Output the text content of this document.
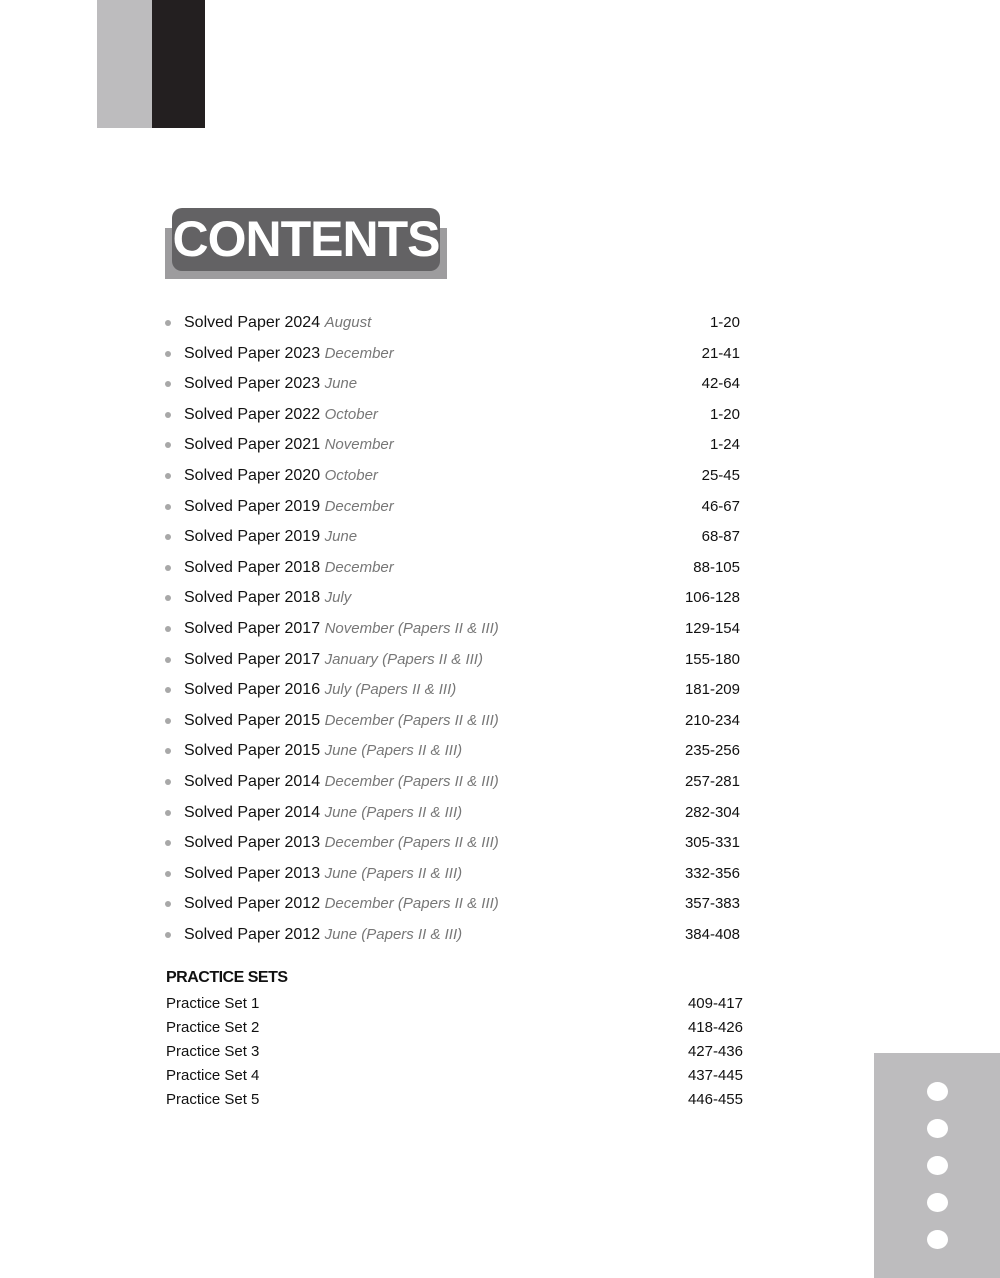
CONTENTS
Solved Paper 2024 August	1-20
Solved Paper 2023 December	21-41
Solved Paper 2023 June	42-64
Solved Paper 2022 October	1-20
Solved Paper 2021 November	1-24
Solved Paper 2020 October	25-45
Solved Paper 2019 December	46-67
Solved Paper 2019 June	68-87
Solved Paper 2018 December	88-105
Solved Paper 2018 July	106-128
Solved Paper 2017 November (Papers II & III)	129-154
Solved Paper 2017 January (Papers II & III)	155-180
Solved Paper 2016 July (Papers II & III)	181-209
Solved Paper 2015 December (Papers II & III)	210-234
Solved Paper 2015 June (Papers II & III)	235-256
Solved Paper 2014 December (Papers II & III)	257-281
Solved Paper 2014 June (Papers II & III)	282-304
Solved Paper 2013 December (Papers II & III)	305-331
Solved Paper 2013 June (Papers II & III)	332-356
Solved Paper 2012 December (Papers II & III)	357-383
Solved Paper 2012 June (Papers II & III)	384-408
PRACTICE SETS
Practice Set 1	409-417
Practice Set 2	418-426
Practice Set 3	427-436
Practice Set 4	437-445
Practice Set 5	446-455
